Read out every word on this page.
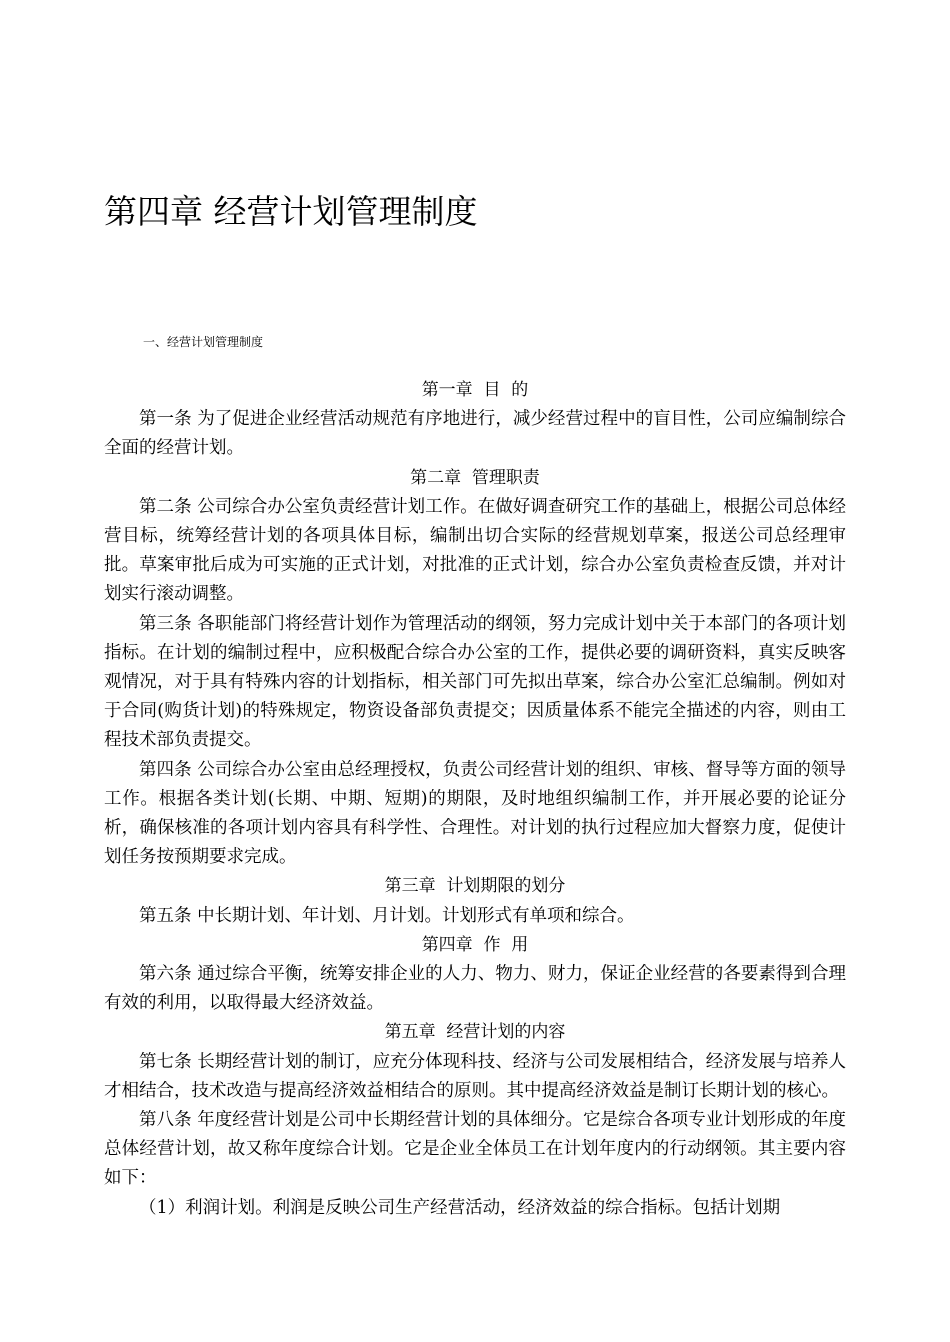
第四章 经营计划管理制度

一、经营计划管理制度

第一章  目  的

第一条 为了促进企业经营活动规范有序地进行，减少经营过程中的盲目性，公司应编制综合全面的经营计划。

第二章  管理职责

第二条 公司综合办公室负责经营计划工作。在做好调查研究工作的基础上，根据公司总体经营目标，统筹经营计划的各项具体目标，编制出切合实际的经营规划草案，报送公司总经理审批。草案审批后成为可实施的正式计划，对批准的正式计划，综合办公室负责检查反馈，并对计划实行滚动调整。

第三条 各职能部门将经营计划作为管理活动的纲领，努力完成计划中关于本部门的各项计划指标。在计划的编制过程中，应积极配合综合办公室的工作，提供必要的调研资料，真实反映客观情况，对于具有特殊内容的计划指标，相关部门可先拟出草案，综合办公室汇总编制。例如对于合同(购货计划)的特殊规定，物资设备部负责提交；因质量体系不能完全描述的内容，则由工程技术部负责提交。

第四条 公司综合办公室由总经理授权，负责公司经营计划的组织、审核、督导等方面的领导工作。根据各类计划(长期、中期、短期)的期限，及时地组织编制工作，并开展必要的论证分析，确保核准的各项计划内容具有科学性、合理性。对计划的执行过程应加大督察力度，促使计划任务按预期要求完成。

第三章  计划期限的划分

第五条 中长期计划、年计划、月计划。计划形式有单项和综合。

第四章  作  用

第六条 通过综合平衡，统筹安排企业的人力、物力、财力，保证企业经营的各要素得到合理有效的利用，以取得最大经济效益。

第五章  经营计划的内容

第七条 长期经营计划的制订，应充分体现科技、经济与公司发展相结合，经济发展与培养人才相结合，技术改造与提高经济效益相结合的原则。其中提高经济效益是制订长期计划的核心。

第八条 年度经营计划是公司中长期经营计划的具体细分。它是综合各项专业计划形成的年度总体经营计划，故又称年度综合计划。它是企业全体员工在计划年度内的行动纲领。其主要内容如下：

（1）利润计划。利润是反映公司生产经营活动，经济效益的综合指标。包括计划期
